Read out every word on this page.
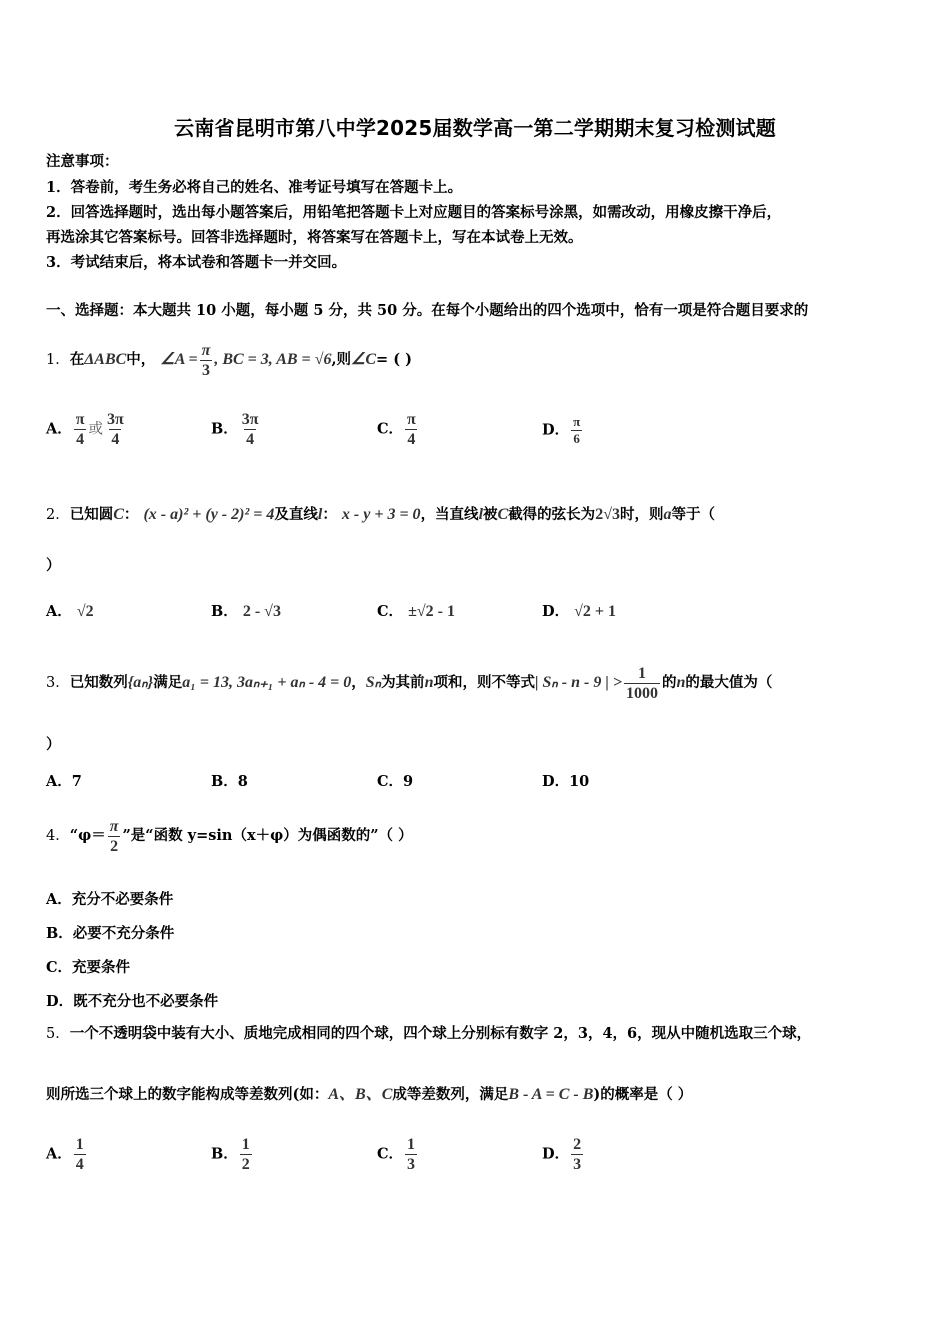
云南省昆明市第八中学2025届数学高一第二学期期末复习检测试题
注意事项：
1．答卷前，考生务必将自己的姓名、准考证号填写在答题卡上。
2．回答选择题时，选出每小题答案后，用铅笔把答题卡上对应题目的答案标号涂黑，如需改动，用橡皮擦干净后，
再选涂其它答案标号。回答非选择题时，将答案写在答题卡上，写在本试卷上无效。
3．考试结束后，将本试卷和答题卡一并交回。
一、选择题：本大题共 10 小题，每小题 5 分，共 50 分。在每个小题给出的四个选项中，恰有一项是符合题目要求的
1．在ΔABC中， ∠A = $\frac{\pi}{3}$ , BC = 3, AB = √6,则∠C= ( )
A． $\frac{\pi}{4}$ 或 $\frac{3\pi}{4}$	B． $\frac{3\pi}{4}$	C． $\frac{\pi}{4}$	D． $\frac{\pi}{6}$
2．已知圆C： (x - a)² + (y - 2)² = 4及直线l： x - y + 3 = 0，当直线l被C截得的弦长为2√3时，则a等于（
）
A． √2	B． 2 - √3	C． ±√2 - 1	D． √2 + 1
3．已知数列{aₙ}满足a₁ = 13, 3aₙ₊₁ + aₙ - 4 = 0，Sₙ为其前n项和，则不等式| Sₙ - n - 9 | > $\frac{1}{1000}$ 的n的最大值为（
）
A．7	B．8	C．9	D．10
4．“$\varphi= \frac{\pi}{2}$ ”是“函数 y=sin（x＋φ）为偶函数的”（ ）
A．充分不必要条件
B．必要不充分条件
C．充要条件
D．既不充分也不必要条件
5．一个不透明袋中装有大小、质地完成相同的四个球，四个球上分别标有数字 2，3，4，6，现从中随机选取三个球，
则所选三个球上的数字能构成等差数列(如：A、B、C成等差数列，满足B - A = C - B)的概率是（ ）
A． $\frac{1}{4}$	B． $\frac{1}{2}$	C． $\frac{1}{3}$	D． $\frac{2}{3}$
